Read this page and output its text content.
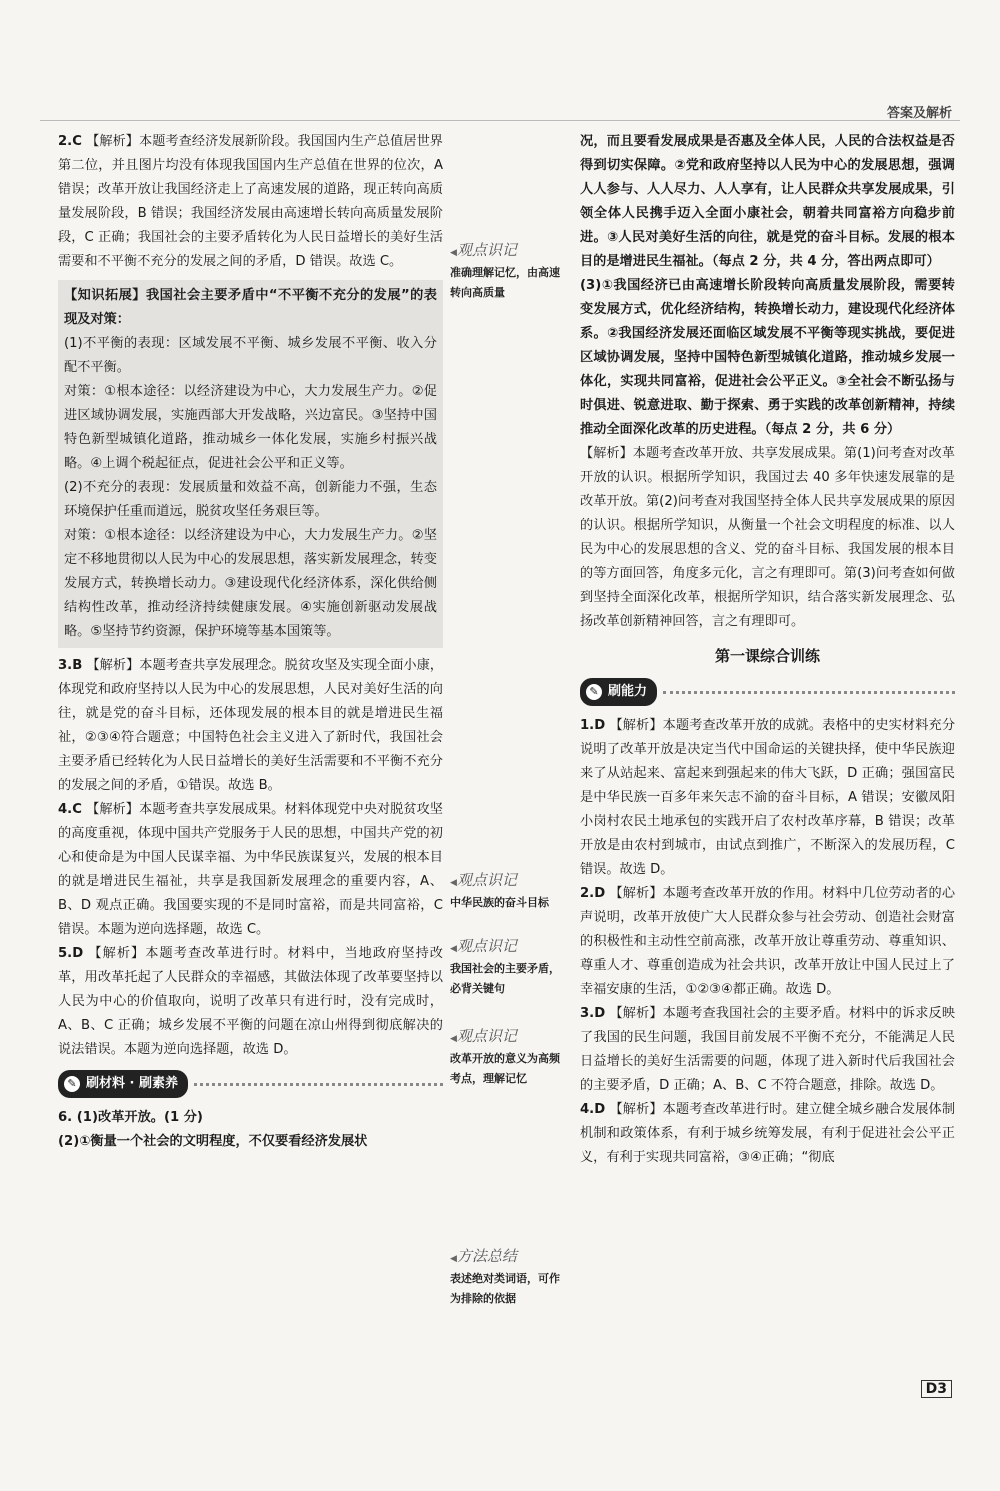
答案及解析

2.C 【解析】本题考查经济发展新阶段。我国国内生产总值居世界第二位，并且图片均没有体现我国国内生产总值在世界的位次，A 错误；改革开放让我国经济走上了高速发展的道路，现正转向高质量发展阶段，B 错误；我国经济发展由高速增长转向高质量发展阶段，C 正确；我国社会的主要矛盾转化为人民日益增长的美好生活需要和不平衡不充分的发展之间的矛盾，D 错误。故选 C。

【知识拓展】我国社会主要矛盾中“不平衡不充分的发展”的表现及对策：

(1)不平衡的表现：区域发展不平衡、城乡发展不平衡、收入分配不平衡。

对策：①根本途径：以经济建设为中心，大力发展生产力。②促进区域协调发展，实施西部大开发战略，兴边富民。③坚持中国特色新型城镇化道路，推动城乡一体化发展，实施乡村振兴战略。④上调个税起征点，促进社会公平和正义等。

(2)不充分的表现：发展质量和效益不高，创新能力不强，生态环境保护任重而道远，脱贫攻坚任务艰巨等。

对策：①根本途径：以经济建设为中心，大力发展生产力。②坚定不移地贯彻以人民为中心的发展思想，落实新发展理念，转变发展方式，转换增长动力。③建设现代化经济体系，深化供给侧结构性改革，推动经济持续健康发展。④实施创新驱动发展战略。⑤坚持节约资源，保护环境等基本国策等。

3.B 【解析】本题考查共享发展理念。脱贫攻坚及实现全面小康，体现党和政府坚持以人民为中心的发展思想，人民对美好生活的向往，就是党的奋斗目标，还体现发展的根本目的就是增进民生福祉，②③④符合题意；中国特色社会主义进入了新时代，我国社会主要矛盾已经转化为人民日益增长的美好生活需要和不平衡不充分的发展之间的矛盾，①错误。故选 B。

4.C 【解析】本题考查共享发展成果。材料体现党中央对脱贫攻坚的高度重视，体现中国共产党服务于人民的思想，中国共产党的初心和使命是为中国人民谋幸福、为中华民族谋复兴，发展的根本目的就是增进民生福祉，共享是我国新发展理念的重要内容，A、B、D 观点正确。我国要实现的不是同时富裕，而是共同富裕，C 错误。本题为逆向选择题，故选 C。

5.D 【解析】本题考查改革进行时。材料中，当地政府坚持改革，用改革托起了人民群众的幸福感，其做法体现了改革要坚持以人民为中心的价值取向，说明了改革只有进行时，没有完成时，A、B、C 正确；城乡发展不平衡的问题在凉山州得到彻底解决的说法错误。本题为逆向选择题，故选 D。

✎ 刷材料 · 刷素养

6. (1)改革开放。(1 分)

(2)①衡量一个社会的文明程度，不仅要看经济发展状

◀ 观点识记
准确理解记忆，由高速转向高质量
◀ 观点识记
中华民族的奋斗目标
◀ 观点识记
我国社会的主要矛盾，必背关键句
◀ 观点识记
改革开放的意义为高频考点，理解记忆
◀ 方法总结
表述绝对类词语，可作为排除的依据

况，而且要看发展成果是否惠及全体人民，人民的合法权益是否得到切实保障。②党和政府坚持以人民为中心的发展思想，强调人人参与、人人尽力、人人享有，让人民群众共享发展成果，引领全体人民携手迈入全面小康社会，朝着共同富裕方向稳步前进。③人民对美好生活的向往，就是党的奋斗目标。发展的根本目的是增进民生福祉。（每点 2 分，共 4 分，答出两点即可）

(3)①我国经济已由高速增长阶段转向高质量发展阶段，需要转变发展方式，优化经济结构，转换增长动力，建设现代化经济体系。②我国经济发展还面临区域发展不平衡等现实挑战，要促进区域协调发展，坚持中国特色新型城镇化道路，推动城乡发展一体化，实现共同富裕，促进社会公平正义。③全社会不断弘扬与时俱进、锐意进取、勤于探索、勇于实践的改革创新精神，持续推动全面深化改革的历史进程。（每点 2 分，共 6 分）

【解析】本题考查改革开放、共享发展成果。第(1)问考查对改革开放的认识。根据所学知识，我国过去 40 多年快速发展靠的是改革开放。第(2)问考查对我国坚持全体人民共享发展成果的原因的认识。根据所学知识，从衡量一个社会文明程度的标准、以人民为中心的发展思想的含义、党的奋斗目标、我国发展的根本目的等方面回答，角度多元化，言之有理即可。第(3)问考查如何做到坚持全面深化改革，根据所学知识，结合落实新发展理念、弘扬改革创新精神回答，言之有理即可。

第一课综合训练
✎ 刷能力

1.D 【解析】本题考查改革开放的成就。表格中的史实材料充分说明了改革开放是决定当代中国命运的关键抉择，使中华民族迎来了从站起来、富起来到强起来的伟大飞跃，D 正确；强国富民是中华民族一百多年来矢志不渝的奋斗目标，A 错误；安徽凤阳小岗村农民土地承包的实践开启了农村改革序幕，B 错误；改革开放是由农村到城市，由试点到推广，不断深入的发展历程，C 错误。故选 D。

2.D 【解析】本题考查改革开放的作用。材料中几位劳动者的心声说明，改革开放使广大人民群众参与社会劳动、创造社会财富的积极性和主动性空前高涨，改革开放让尊重劳动、尊重知识、尊重人才、尊重创造成为社会共识，改革开放让中国人民过上了幸福安康的生活，①②③④都正确。故选 D。

3.D 【解析】本题考查我国社会的主要矛盾。材料中的诉求反映了我国的民生问题，我国目前发展不平衡不充分，不能满足人民日益增长的美好生活需要的问题，体现了进入新时代后我国社会的主要矛盾，D 正确；A、B、C 不符合题意，排除。故选 D。

4.D 【解析】本题考查改革进行时。建立健全城乡融合发展体制机制和政策体系，有利于城乡统筹发展，有利于促进社会公平正义，有利于实现共同富裕，③④正确；“彻底

D3
